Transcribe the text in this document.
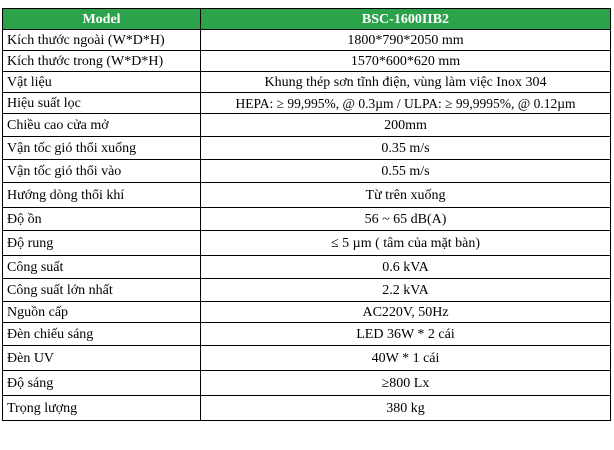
Model	BSC-1600IIB2
Kích thước ngoài (W*D*H)	1800*790*2050 mm
Kích thước trong (W*D*H)	1570*600*620 mm
Vật liệu	Khung thép sơn tĩnh điện, vùng làm việc Inox 304
Hiệu suất lọc	HEPA: ≥ 99,995%, @ 0.3µm / ULPA: ≥ 99,9995%, @ 0.12µm
Chiều cao cửa mở	200mm
Vận tốc gió thổi xuống	0.35 m/s
Vận tốc gió thổi vào	0.55 m/s
Hướng dòng thổi khí	Từ trên xuống
Độ ồn	56 ~ 65 dB(A)
Độ rung	≤ 5 µm ( tâm của mặt bàn)
Công suất	0.6 kVA
Công suất lớn nhất	2.2 kVA
Nguồn cấp	AC220V, 50Hz
Đèn chiếu sáng	LED 36W * 2 cái
Đèn UV	40W * 1 cái
Độ sáng	≥800 Lx
Trọng lượng	380 kg
